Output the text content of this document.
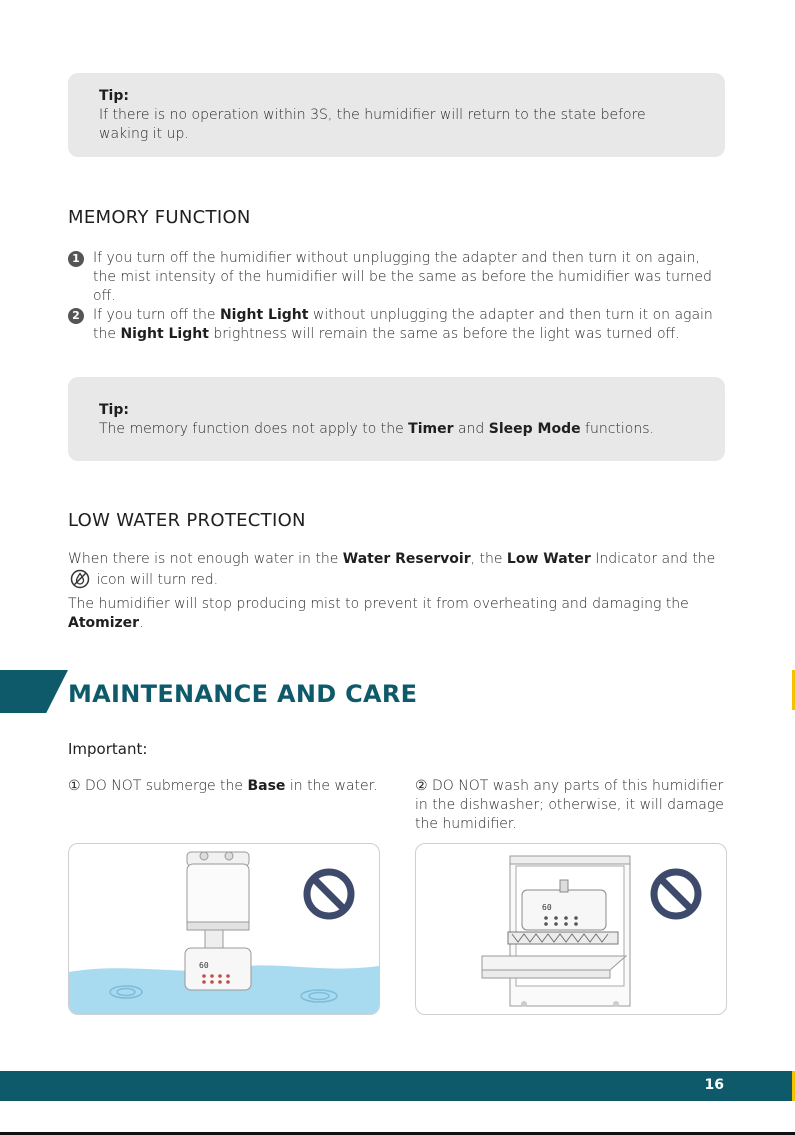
Tip:
If there is no operation within 3S, the humidifier will return to the state before waking it up.
MEMORY FUNCTION
1 If you turn off the humidifier without unplugging the adapter and then turn it on again, the mist intensity of the humidifier will be the same as before the humidifier was turned off.
2 If you turn off the Night Light without unplugging the adapter and then turn it on again the Night Light brightness will remain the same as before the light was turned off.
Tip:
The memory function does not apply to the Timer and Sleep Mode functions.
LOW WATER PROTECTION
When there is not enough water in the Water Reservoir, the Low Water Indicator and the  icon will turn red.
The humidifier will stop producing mist to prevent it from overheating and damaging the Atomizer.
MAINTENANCE AND CARE
Important:
① DO NOT submerge the Base in the water.	② DO NOT wash any parts of this humidifier in the dishwasher; otherwise, it will damage the humidifier.
60
60
16
